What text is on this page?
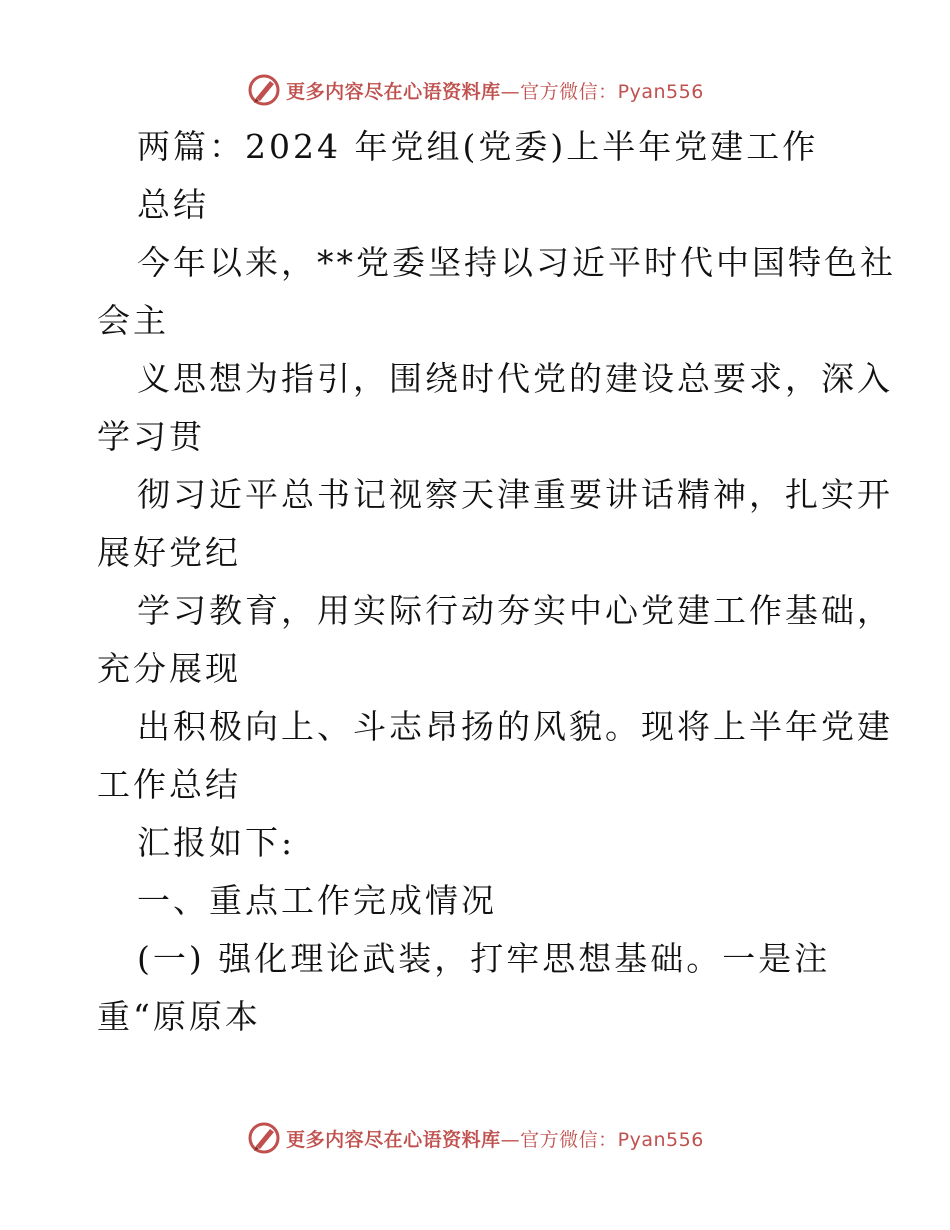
更多内容尽在心语资料库—官方微信：Pyan556
两篇：2024 年党组(党委)上半年党建工作
总结
今年以来，**党委坚持以习近平时代中国特色社
会主
义思想为指引，围绕时代党的建设总要求，深入
学习贯
彻习近平总书记视察天津重要讲话精神，扎实开
展好党纪
学习教育，用实际行动夯实中心党建工作基础，
充分展现
出积极向上、斗志昂扬的风貌。现将上半年党建
工作总结
汇报如下:
一、重点工作完成情况
(一) 强化理论武装，打牢思想基础。一是注
重“原原本
更多内容尽在心语资料库—官方微信：Pyan556
